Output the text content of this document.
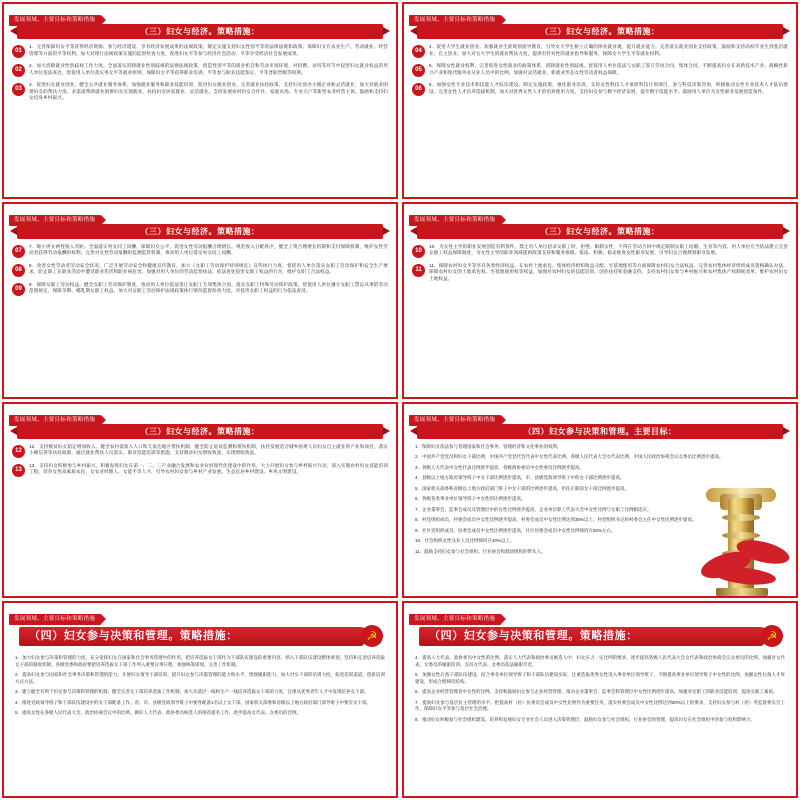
发展领域、主要目标和策略措施
（三）妇女与经济。策略措施：
01
1．完善保障妇女平等获得经济资源、参与经济建设、享有经济发展成果的法规政策。制定实施支持妇女性别平等的法律法规和政策。保障妇女在农业生产、劳动就业、经营管理等方面的平等权利。加大对现行法规政策实施的监督检查力度，促进妇女平等参与经济社会活动、平等享受经济社会发展成果。
02
2．加大消除就业性别歧视工作力度。全面落实消除就业性别歧视的法律法规政策，创造性别平等的就业机会和劳动市场环境，对招聘、录用等环节中侵害妇女就业权益的用人单位依法查处，督促用人单位落实男女平等就业原则，保障妇女平等获得职业培训、平等参与职业技能鉴定、平等晋职晋级等权利。
03
3．促进妇女就业创业。健全公共就业服务体系，加强就业服务和职业技能培训，促进妇女就业创业。完善就业扶持政策，支持妇女创办小微企业和灵活就业，加大对就业困难妇女的帮扶力度。多渠道帮助就业困难妇女实现就业，扶持妇女居家就业、灵活就业。支持发展农村妇女合作社、家庭农场、专业大户等新型农业经营主体。鼓励和支持妇女投身乡村振兴。
发展领域、主要目标和策略措施
（三）妇女与经济。策略措施：
04
4．促进大学生就业创业。加强就业生涯规划指导教育，引导女大学生树立正确的择业就业观，提升就业能力。完善落实就业创业支持政策，鼓励和支持高校毕业生到基层就业、自主创业。加大对女大学生的就业帮扶力度，提供有针对性的就业指导和服务，保障女大学生平等就业权利。
05
5．保障女性就业权利。完善促进女性就业的政策体系，消除就业性别歧视。督促用人单位依法与女职工签订劳动合同、集体合同，不断提高妇女在高新技术产业、战略性新兴产业和现代服务业从业人员中的比例。加强对灵活就业、新就业形态女性劳动者权益保障。
06
6．加强女性专业技术和技能人才队伍建设。制定实施政策，强化职业培训，支持女性科技人才承担科技计划项目，参与科技决策咨询，积极推动女性专业技术人才队伍建设。完善女性人才培养选拔机制，加大对优秀女性人才的培养使用力度。支持妇女参与数字经济发展，提升数字技能水平。鼓励用人单位为女性职业发展创造条件。
发展领域、主要目标和策略措施
（三）妇女与经济。策略措施：
07
7．缩小男女两性收入差距。全面落实男女同工同酬，保障妇女公平、促进女性劳动报酬合理增长。规范收入分配秩序，健全工资合理增长机制和支付保障机制，维护女性劳动者获得劳动报酬的权利，完善对女性劳动报酬的监测监管机制，推动用人单位落实男女同工同酬。
08
8．改善女性劳动者劳动安全状况。广泛开展劳动安全和健康宣传教育，加大《女职工劳动保护特别规定》宣传执行力度，督促用人单位落实女职工劳动保护和安全生产要求，防止职工在职业活动中遭受职业伤害和职业病危害。加强对用人单位的劳动监察执法，依法查处侵害女职工权益的行为，维护女职工合法权益。
09
9．保障女职工劳动权益。健全女职工劳动保护制度，推动用人单位依法签订女职工专项集体合同，落实女职工特殊劳动保护政策。督促用人单位遵守女职工禁忌从事的劳动范围规定，保障孕期、哺乳期女职工权益。加大对女职工劳动保护法规政策执行情况监督检查力度，对侵害女职工权益的行为依法查处。
发展领域、主要目标和策略措施
（三）妇女与经济。策略措施：
10
10．为女性主导的职业发展创造有利条件。禁止用人单位招录女职工时，拒绝、限制女性，不得在劳动合同中规定限制女职工结婚、生育等内容。用人单位应当依法建立完善女职工权益保障制度，为女性主导的职业领域提供政策支持和服务保障。依法、积极、稳妥推进女性职业发展，引导妇女合理规划职业发展。
11
11．保障农村妇女平等享有各类经济权益。在农村土地承包、集体经济组织收益分配、宅基地使用等方面保障农村妇女合法权益。完善农村集体经济组织成员资格确认办法，保障农村妇女的土地承包权、宅基地使用权等权益。加强对农村妇女的技能培训、创业扶持和金融支持，支持农村妇女参与乡村振兴和农村集体产权制度改革，维护农村妇女土地权益。
发展领域、主要目标和策略措施
（三）妇女与经济。策略措施：
12
12．支持脱贫妇女稳定增加收入。健全农村低收入人口和欠发达地区帮扶机制，健全防止返贫监测和帮扶机制，扶持发展适合城乡困难人员妇女自主就业的产业和项目，落实小额信贷等扶持政策，通过就业帮扶人员落实、职业技能培训等措施，支持脱贫妇女增收致富，实现增收致富。
13
13．支持妇女积极参与乡村振兴。积极发挥妇女在第一、二、三产业融合发展和农业农村现代化建设中的作用，大力开展妇女参与乡村振兴行动，深入实施农村妇女技能培训工程，培育女性高素质农民、女农业经理人、女能手等人才，引导农村妇女参与乡村产业发展、生态宜居乡村建设、乡风文明建设。
发展领域、主要目标和策略措施
（四）妇女参与决策和管理。主要目标：
1．保障妇女依法参与管理国家和社会事务、管理经济和文化事业的权利。
2．中国共产党党员和妇女干部比例，中国共产党党代会代表中女性代表比例、各级人民代表大会女代表比例、中国人民政治协商会议女委员比例逐步提高。
3．各级人大代表中女性代表比例逐步提高，各级政协委员中女性委员比例逐步提高。
4．县级以上地方政府领导班子中女干部比例逐步提高，市、县级党政领导班子中的女干部比例逐步提高。
5．国家机关部委和省级以上地方政府部门班子中女干部的比例逐步提高，担任正职的女干部比例逐步提高。
6．各级各类事业单位领导班子中女性的比例逐步提高。
7．企业董事会、监事会成员及管理层中的女性比例逐步提高，企业单位职工代表大会中女性比例与女职工比例相适应。
8．村党组织成员、村委会成员中女性比例逐步提高，村委会成员中女性比例达到30%以上，村党组织书记和村委会主任中女性比例逐步提高。
9．社区党组织成员、居委会成员中女性比例逐步提高，社区居委会成员中女性比例保持在50%左右。
10．社会组织女性从业人员比例保持在40%以上。
11．鼓励支持妇女参与社会组织、行业协会和群团组织的带头人。
发展领域、主要目标和策略措施
（四）妇女参与决策和管理。策略措施：	☭
1．加大妇女参与决策和管理的力度。充分发挥妇女在国家和社会事务管理中的作用，把培养选拔女干部作为干部队伍建设的重要内容，纳入干部队伍建设整体规划，坚持和完善培养选拔女干部的制度机制。各级党委和政府要把培养选拔女干部工作列入重要议事日程，加强统筹谋划，完善工作机制。
2．提高妇女参与国家和社会事务决策和管理的能力。开展妇女领导干部培训，提升妇女参与决策管理的能力和水平，增强履职能力。加大对女干部的培训力度，拓宽培训渠道，创新培训方式方法。
3．建立健全有利于妇女参与决策和管理的机制。健全完善女干部培养选拔工作机制，加大从基层一线和生产一线培养选拔女干部的力度，注重从优秀青年人才中发现培养女干部。
4．推进党政领导班子和干部队伍建设中的女干部配备工作。省、市、县级党政领导班子中要各配备1名以上女干部，国家机关部委和省级以上地方政府部门领导班子中要有女干部。
5．提高女性在各级人民代表大会、政治协商会议中的比例。做好人大代表、政协委员候选人的推荐提名工作，逐步提高女代表、女委员的比例。
发展领域、主要目标和策略措施
（四）妇女参与决策和管理。策略措施：	☭
4．提高人大代表、政协委员中女性的比例。落实人大代表和政协委员候选人中，妇女应占一定比例的要求，逐步提高各级人民代表大会女代表和政治协商会议女委员的比例。加强对女代表、女委员的履职培训，支持女代表、女委员依法履职尽责。
5．加强女性后备干部队伍建设。结合事业单位领导班子和干部队伍建设实际，注重选拔优秀女性进入事业单位领导班子，不断提高事业单位领导班子中女性的比例。加强女性后备人才库建设，形成合理梯次结构。
6．提高企业经营管理者中女性的比例。支持和鼓励妇女参与企业经营管理，推动企业董事会、监事会和管理层中女性比例逐步提高。加强对女职工的职业技能培训，提高女职工素质。
7．提高妇女参与基层民主管理的水平。把提高村（居）民委员会成员中女性比例作为重要任务，落实村委会成员中女性比例达到30%以上的要求，支持妇女参与村（居）务监督委员会工作，保障妇女平等参与基层社会治理。
8．推动妇女积极参与社会组织建设。培养和发展妇女专业社会人员进入决策管理层，鼓励妇女参与社会组织、行业协会的管理，提高妇女在社会组织中的参与度和影响力。
